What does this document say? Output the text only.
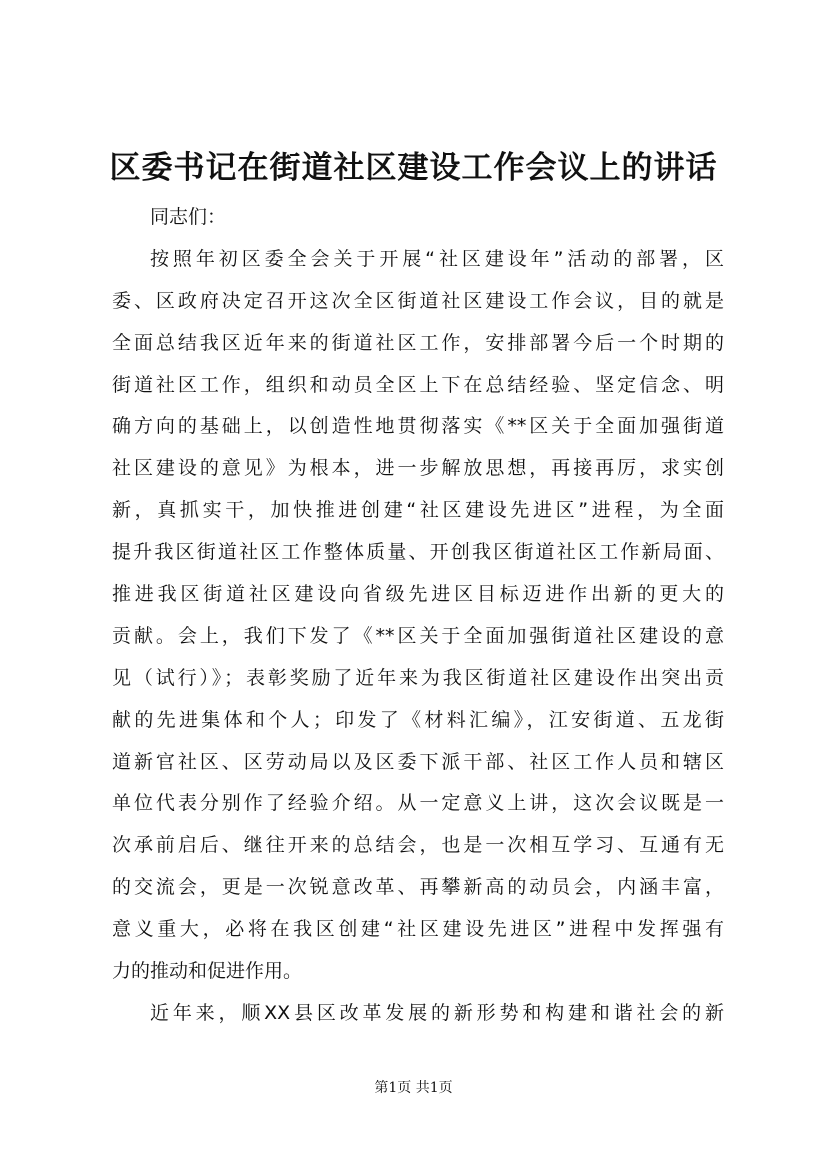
区委书记在街道社区建设工作会议上的讲话
同志们：
按照年初区委全会关于开展“社区建设年”活动的部署，区
委、区政府决定召开这次全区街道社区建设工作会议，目的就是
全面总结我区近年来的街道社区工作，安排部署今后一个时期的
街道社区工作，组织和动员全区上下在总结经验、坚定信念、明
确方向的基础上，以创造性地贯彻落实《**区关于全面加强街道
社区建设的意见》为根本，进一步解放思想，再接再厉，求实创
新，真抓实干，加快推进创建“社区建设先进区”进程，为全面
提升我区街道社区工作整体质量、开创我区街道社区工作新局面、
推进我区街道社区建设向省级先进区目标迈进作出新的更大的
贡献。会上，我们下发了《**区关于全面加强街道社区建设的意
见（试行）》；表彰奖励了近年来为我区街道社区建设作出突出贡
献的先进集体和个人；印发了《材料汇编》，江安街道、五龙街
道新官社区、区劳动局以及区委下派干部、社区工作人员和辖区
单位代表分别作了经验介绍。从一定意义上讲，这次会议既是一
次承前启后、继往开来的总结会，也是一次相互学习、互通有无
的交流会，更是一次锐意改革、再攀新高的动员会，内涵丰富，
意义重大，必将在我区创建“社区建设先进区”进程中发挥强有
力的推动和促进作用。
近年来，顺XX县区改革发展的新形势和构建和谐社会的新
第1页 共1页
